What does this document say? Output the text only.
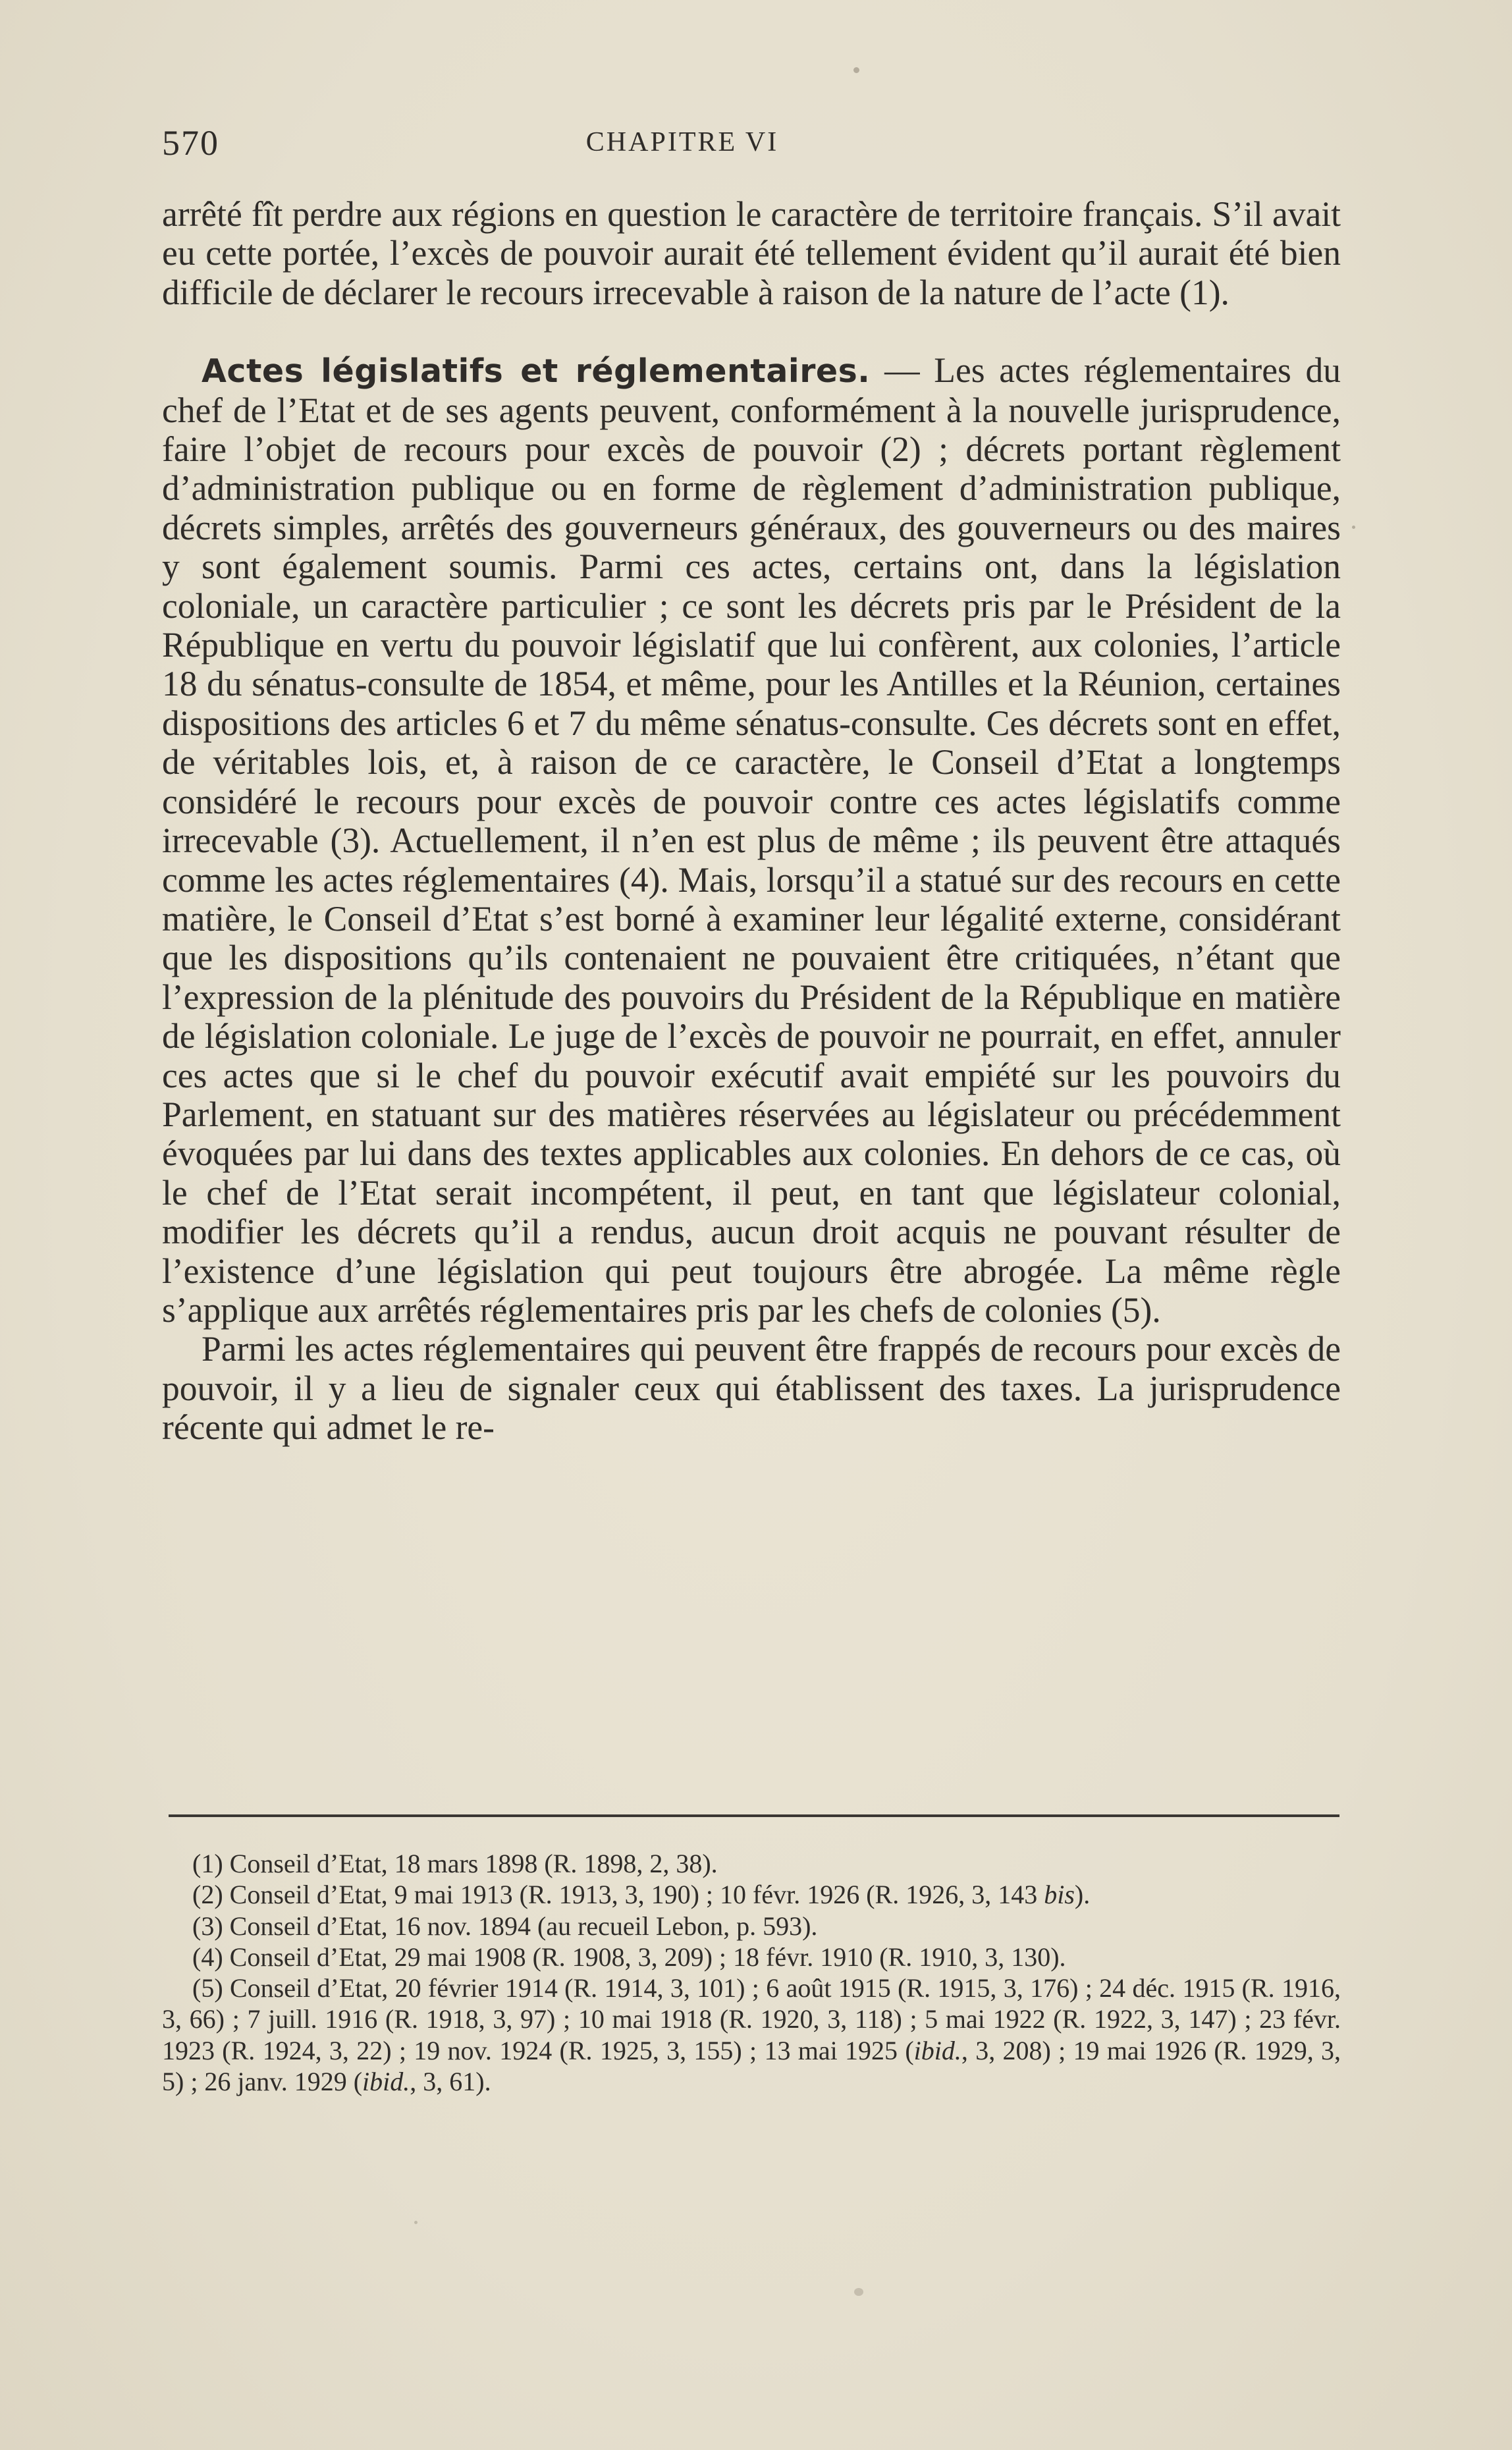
570	CHAPITRE VI

arrêté fît perdre aux régions en question le caractère de territoire français. S’il avait eu cette portée, l’excès de pouvoir aurait été tellement évident qu’il aurait été bien difficile de déclarer le recours irrecevable à raison de la nature de l’acte (1).

Actes législatifs et réglementaires. — Les actes réglementaires du chef de l’Etat et de ses agents peuvent, conformément à la nouvelle jurisprudence, faire l’objet de recours pour excès de pouvoir (2) ; décrets portant règlement d’administration publique ou en forme de règlement d’administration publique, décrets simples, arrêtés des gouverneurs généraux, des gouverneurs ou des maires y sont également soumis. Parmi ces actes, certains ont, dans la législation coloniale, un caractère particulier ; ce sont les décrets pris par le Président de la République en vertu du pouvoir législatif que lui confèrent, aux colonies, l’article 18 du sénatus-consulte de 1854, et même, pour les Antilles et la Réunion, certaines dispositions des articles 6 et 7 du même sénatus-consulte. Ces décrets sont en effet, de véritables lois, et, à raison de ce caractère, le Conseil d’Etat a longtemps considéré le recours pour excès de pouvoir contre ces actes législatifs comme irrecevable (3). Actuellement, il n’en est plus de même ; ils peuvent être attaqués comme les actes réglementaires (4). Mais, lorsqu’il a statué sur des recours en cette matière, le Conseil d’Etat s’est borné à examiner leur légalité externe, considérant que les dispositions qu’ils contenaient ne pouvaient être critiquées, n’étant que l’expression de la plénitude des pouvoirs du Président de la République en matière de législation coloniale. Le juge de l’excès de pouvoir ne pourrait, en effet, annuler ces actes que si le chef du pouvoir exécutif avait empiété sur les pouvoirs du Parlement, en statuant sur des matières réservées au législateur ou précédemment évoquées par lui dans des textes applicables aux colonies. En dehors de ce cas, où le chef de l’Etat serait incompétent, il peut, en tant que législateur colonial, modifier les décrets qu’il a rendus, aucun droit acquis ne pouvant résulter de l’existence d’une législation qui peut toujours être abrogée. La même règle s’applique aux arrêtés réglementaires pris par les chefs de colonies (5).

Parmi les actes réglementaires qui peuvent être frappés de recours pour excès de pouvoir, il y a lieu de signaler ceux qui établissent des taxes. La jurisprudence récente qui admet le re-

(1) Conseil d’Etat, 18 mars 1898 (R. 1898, 2, 38).

(2) Conseil d’Etat, 9 mai 1913 (R. 1913, 3, 190) ; 10 févr. 1926 (R. 1926, 3, 143 bis).

(3) Conseil d’Etat, 16 nov. 1894 (au recueil Lebon, p. 593).

(4) Conseil d’Etat, 29 mai 1908 (R. 1908, 3, 209) ; 18 févr. 1910 (R. 1910, 3, 130).

(5) Conseil d’Etat, 20 février 1914 (R. 1914, 3, 101) ; 6 août 1915 (R. 1915, 3, 176) ; 24 déc. 1915 (R. 1916, 3, 66) ; 7 juill. 1916 (R. 1918, 3, 97) ; 10 mai 1918 (R. 1920, 3, 118) ; 5 mai 1922 (R. 1922, 3, 147) ; 23 févr. 1923 (R. 1924, 3, 22) ; 19 nov. 1924 (R. 1925, 3, 155) ; 13 mai 1925 (ibid., 3, 208) ; 19 mai 1926 (R. 1929, 3, 5) ; 26 janv. 1929 (ibid., 3, 61).
